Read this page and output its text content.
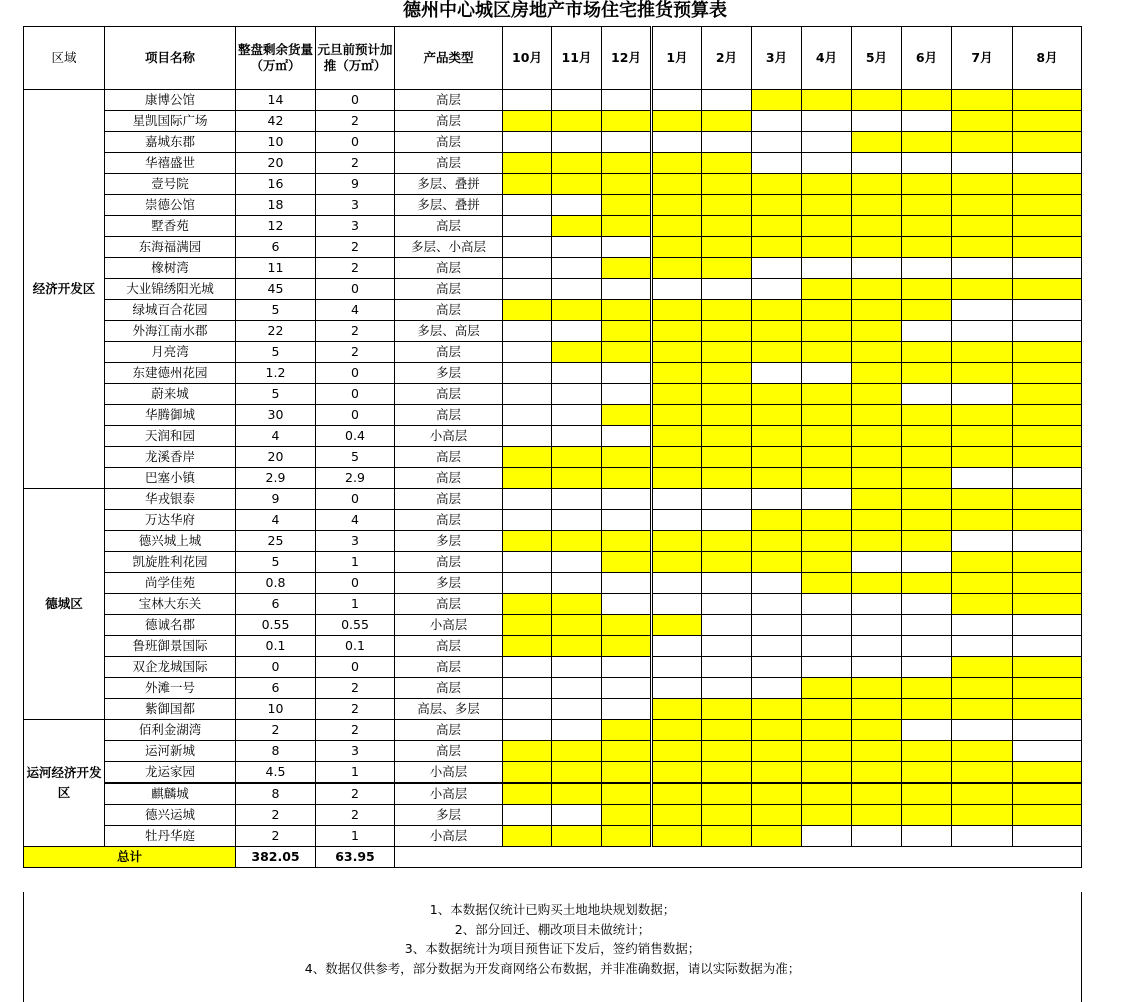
德州中心城区房地产市场住宅推货预算表
区域	项目名称	整盘剩余货量（万㎡）	元旦前预计加推（万㎡）	产品类型	10月	11月	12月	1月	2月	3月	4月	5月	6月	7月	8月
经济开发区	康博公馆	14	0	高层											
	星凯国际广场	42	2	高层											
	嘉城东郡	10	0	高层											
	华禧盛世	20	2	高层											
	壹号院	16	9	多层、叠拼											
	崇德公馆	18	3	多层、叠拼											
	墅香苑	12	3	高层											
	东海福满园	6	2	多层、小高层											
	橡树湾	11	2	高层											
	大业锦绣阳光城	45	0	高层											
	绿城百合花园	5	4	高层											
	外海江南水郡	22	2	多层、高层											
	月亮湾	5	2	高层											
	东建德州花园	1.2	0	多层											
	蔚来城	5	0	高层											
	华腾御城	30	0	高层											
	天润和园	4	0.4	小高层											
	龙溪香岸	20	5	高层											
	巴塞小镇	2.9	2.9	高层											
德城区	华戎银泰	9	0	高层											
	万达华府	4	4	高层											
	德兴城上城	25	3	多层											
	凯旋胜利花园	5	1	高层											
	尚学佳苑	0.8	0	多层											
	宝林大东关	6	1	高层											
	德诚名郡	0.55	0.55	小高层											
	鲁班御景国际	0.1	0.1	高层											
	双企龙城国际	0	0	高层											
	外滩一号	6	2	高层											
	紫御国都	10	2	高层、多层											
运河经济开发区	佰利金湖湾	2	2	高层											
	运河新城	8	3	高层											
	龙运家园	4.5	1	小高层											
	麒麟城	8	2	小高层											
	德兴运城	2	2	多层											
	牡丹华庭	2	1	小高层											
总计		382.05	63.95												
1、本数据仅统计已购买土地地块规划数据；
2、部分回迁、棚改项目未做统计；
3、本数据统计为项目预售证下发后，签约销售数据；
4、数据仅供参考，部分数据为开发商网络公布数据，并非准确数据，请以实际数据为准；
